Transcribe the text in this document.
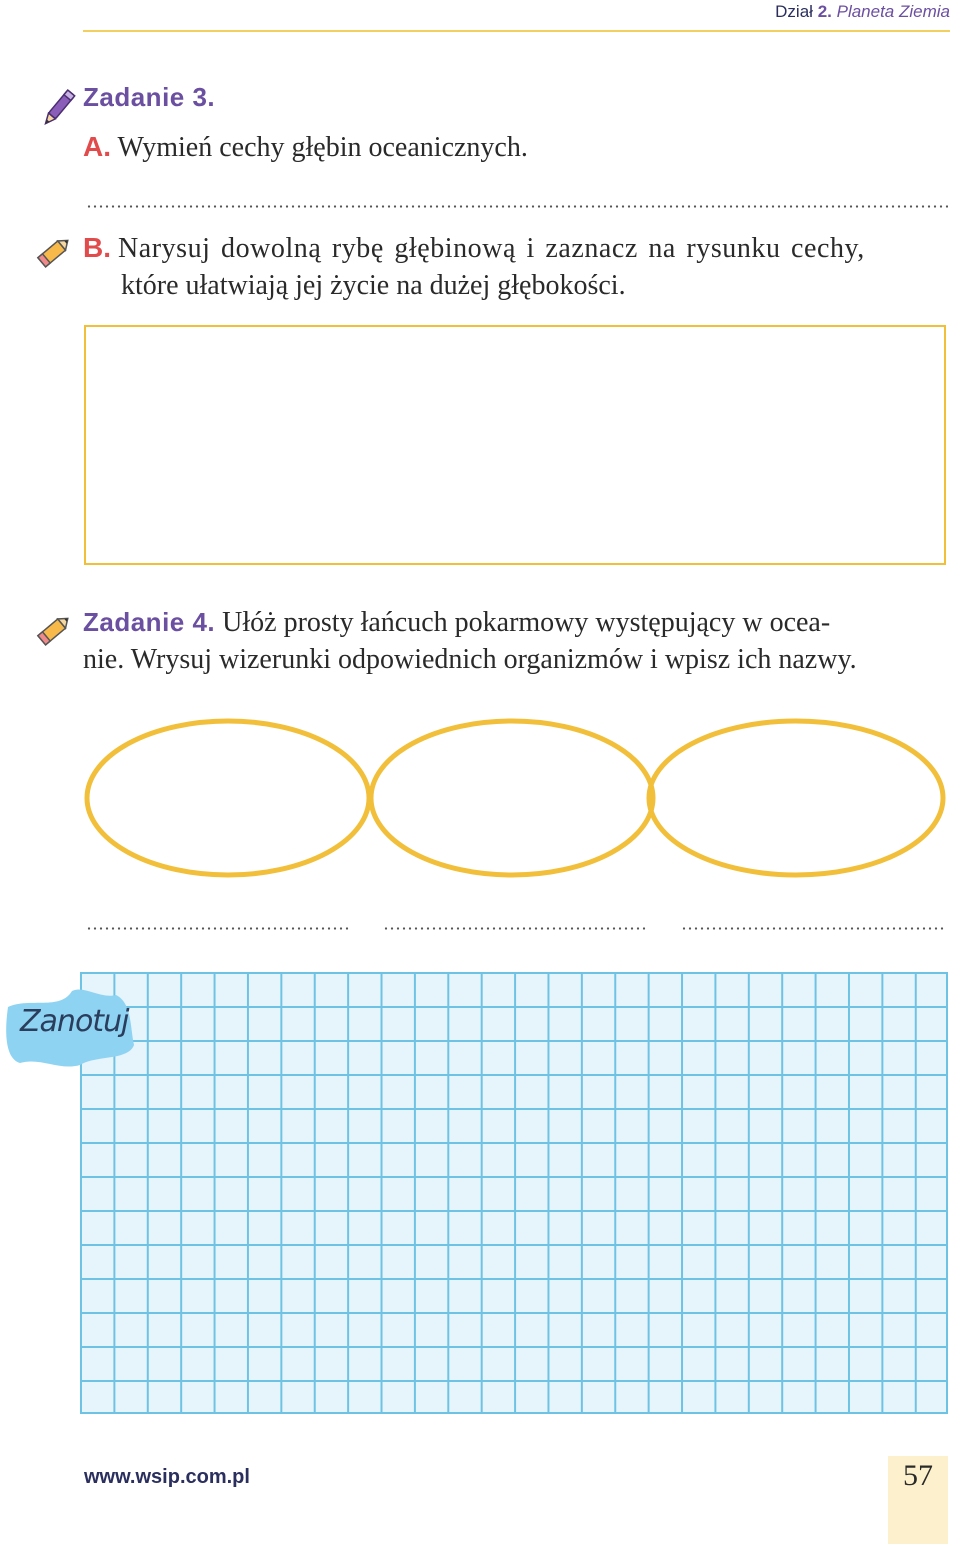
Dział 2. Planeta Ziemia
Zadanie 3.
A. Wymień cechy głębin oceanicznych.
B. Narysuj dowolną rybę głębinową i zaznacz na rysunku cechy,
które ułatwiają jej życie na dużej głębokości.
Zadanie 4. Ułóż prosty łańcuch pokarmowy występujący w ocea-
nie. Wrysuj wizerunki odpowiednich organizmów i wpisz ich nazwy.
Zanotuj
www.wsip.com.pl	57
